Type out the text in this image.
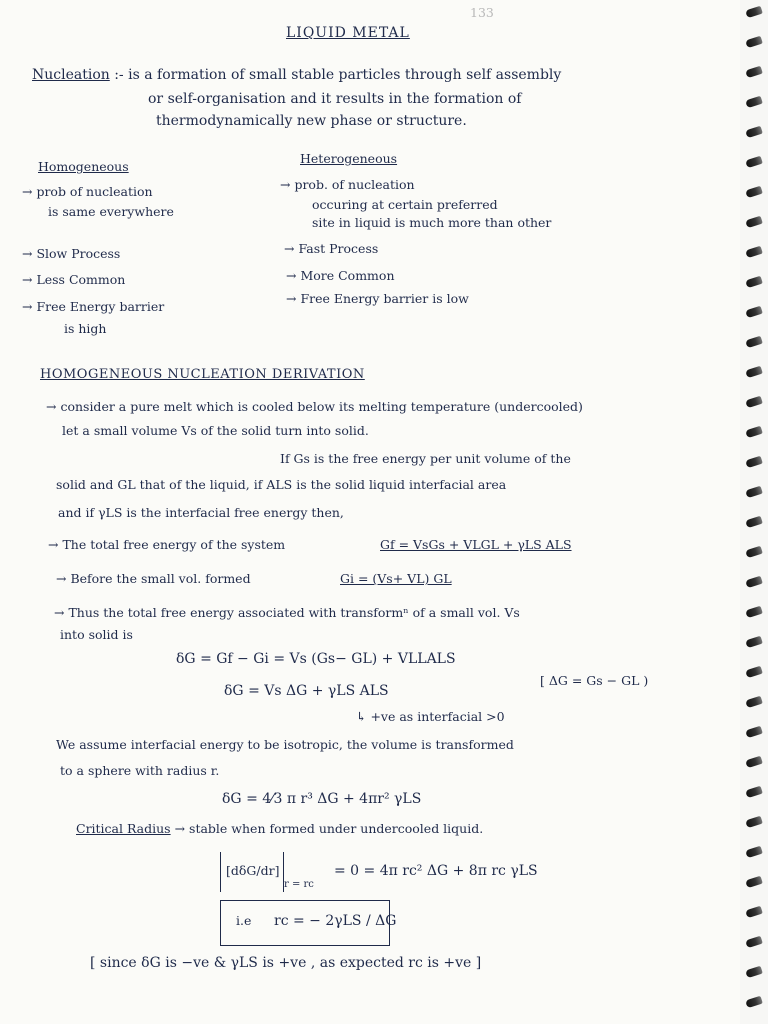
133
LIQUID METAL
Nucleation :- is a formation of small stable particles through self assembly
or self-organisation and it results in the formation of
thermodynamically new phase or structure.
Homogeneous
→ prob of nucleation
is same everywhere
→ Slow Process
→ Less Common
→ Free Energy barrier
is high
Heterogeneous
→ prob. of nucleation
occuring at certain preferred
site in liquid is much more than other
→ Fast Process
→ More Common
→ Free Energy barrier is low
HOMOGENEOUS NUCLEATION DERIVATION
→ consider a pure melt which is cooled below its melting temperature (undercooled)
let a small volume Vs of the solid turn into solid.
If Gs is the free energy per unit volume of the
solid and GL that of the liquid, if ALS is the solid liquid interfacial area
and if γLS is the interfacial free energy then,
→ The total free energy of the system	Gf = VsGs + VLGL + γLS ALS
→ Before the small vol. formed	Gi = (Vs+ VL) GL
→ Thus the total free energy associated with transformⁿ of a small vol. Vs
into solid is
δG = Gf − Gi = Vs (Gs− GL) + VLLALS
δG = Vs ΔG + γLS ALS
[ ΔG = Gs − GL )
↳ +ve as interfacial >0
We assume interfacial energy to be isotropic, the volume is transformed
to a sphere with radius r.
δG = 4⁄3 π r³ ΔG + 4πr² γLS
Critical Radius → stable when formed under undercooled liquid.
[dδG/dr]
r = rc
= 0 = 4π rc² ΔG + 8π rc γLS
i.e rc = − 2γLS / ΔG
[ since δG is −ve & γLS is +ve , as expected rc is +ve ]
